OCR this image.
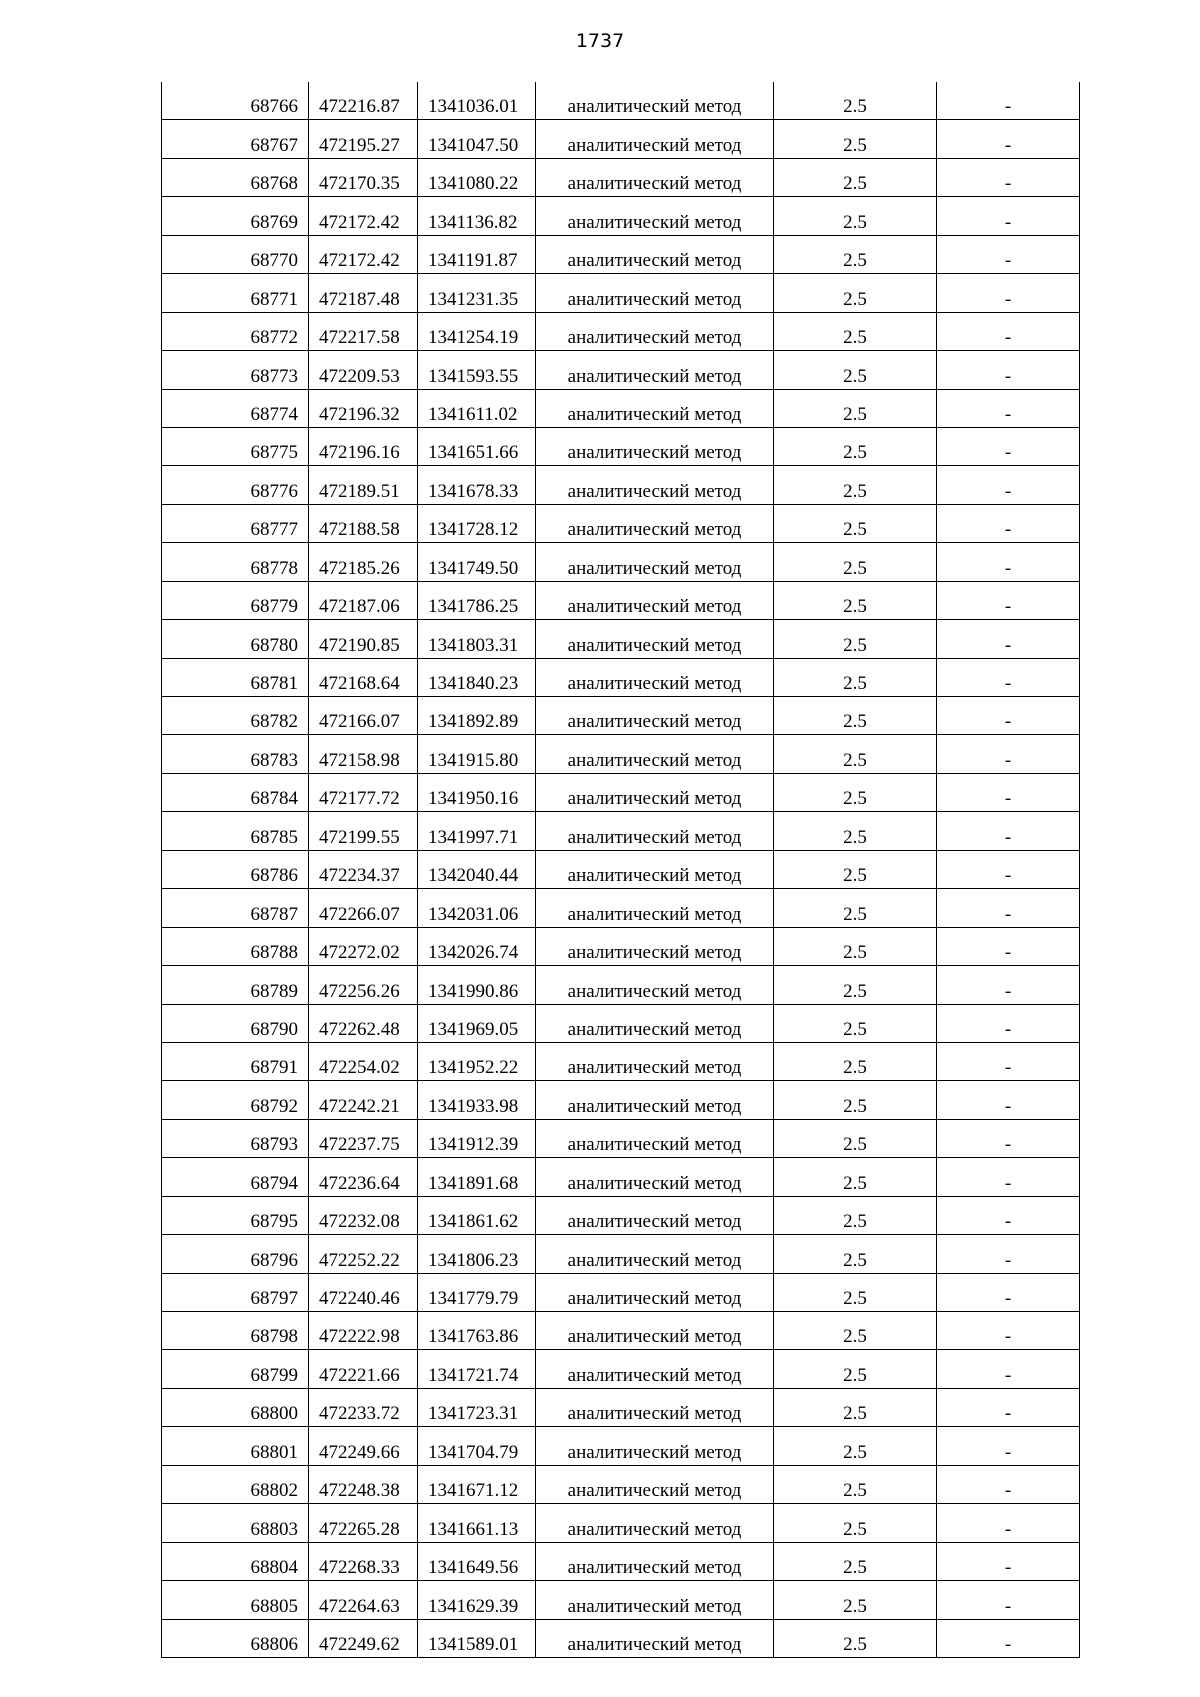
1737
68766	472216.87	1341036.01	аналитический метод	2.5	-
68767	472195.27	1341047.50	аналитический метод	2.5	-
68768	472170.35	1341080.22	аналитический метод	2.5	-
68769	472172.42	1341136.82	аналитический метод	2.5	-
68770	472172.42	1341191.87	аналитический метод	2.5	-
68771	472187.48	1341231.35	аналитический метод	2.5	-
68772	472217.58	1341254.19	аналитический метод	2.5	-
68773	472209.53	1341593.55	аналитический метод	2.5	-
68774	472196.32	1341611.02	аналитический метод	2.5	-
68775	472196.16	1341651.66	аналитический метод	2.5	-
68776	472189.51	1341678.33	аналитический метод	2.5	-
68777	472188.58	1341728.12	аналитический метод	2.5	-
68778	472185.26	1341749.50	аналитический метод	2.5	-
68779	472187.06	1341786.25	аналитический метод	2.5	-
68780	472190.85	1341803.31	аналитический метод	2.5	-
68781	472168.64	1341840.23	аналитический метод	2.5	-
68782	472166.07	1341892.89	аналитический метод	2.5	-
68783	472158.98	1341915.80	аналитический метод	2.5	-
68784	472177.72	1341950.16	аналитический метод	2.5	-
68785	472199.55	1341997.71	аналитический метод	2.5	-
68786	472234.37	1342040.44	аналитический метод	2.5	-
68787	472266.07	1342031.06	аналитический метод	2.5	-
68788	472272.02	1342026.74	аналитический метод	2.5	-
68789	472256.26	1341990.86	аналитический метод	2.5	-
68790	472262.48	1341969.05	аналитический метод	2.5	-
68791	472254.02	1341952.22	аналитический метод	2.5	-
68792	472242.21	1341933.98	аналитический метод	2.5	-
68793	472237.75	1341912.39	аналитический метод	2.5	-
68794	472236.64	1341891.68	аналитический метод	2.5	-
68795	472232.08	1341861.62	аналитический метод	2.5	-
68796	472252.22	1341806.23	аналитический метод	2.5	-
68797	472240.46	1341779.79	аналитический метод	2.5	-
68798	472222.98	1341763.86	аналитический метод	2.5	-
68799	472221.66	1341721.74	аналитический метод	2.5	-
68800	472233.72	1341723.31	аналитический метод	2.5	-
68801	472249.66	1341704.79	аналитический метод	2.5	-
68802	472248.38	1341671.12	аналитический метод	2.5	-
68803	472265.28	1341661.13	аналитический метод	2.5	-
68804	472268.33	1341649.56	аналитический метод	2.5	-
68805	472264.63	1341629.39	аналитический метод	2.5	-
68806	472249.62	1341589.01	аналитический метод	2.5	-
